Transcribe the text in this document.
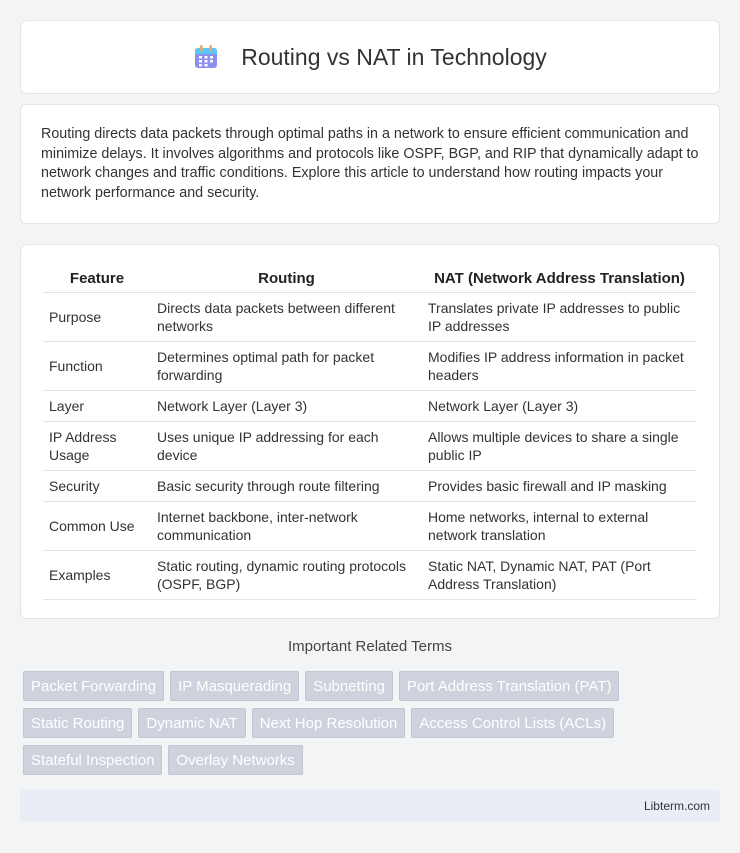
Routing vs NAT in Technology

Routing directs data packets through optimal paths in a network to ensure efficient communication and minimize delays. It involves algorithms and protocols like OSPF, BGP, and RIP that dynamically adapt to network changes and traffic conditions. Explore this article to understand how routing impacts your network performance and security.

Feature	Routing	NAT (Network Address Translation)
Purpose	Directs data packets between different networks	Translates private IP addresses to public IP addresses
Function	Determines optimal path for packet forwarding	Modifies IP address information in packet headers
Layer	Network Layer (Layer 3)	Network Layer (Layer 3)
IP Address Usage	Uses unique IP addressing for each device	Allows multiple devices to share a single public IP
Security	Basic security through route filtering	Provides basic firewall and IP masking
Common Use	Internet backbone, inter-network communication	Home networks, internal to external network translation
Examples	Static routing, dynamic routing protocols (OSPF, BGP)	Static NAT, Dynamic NAT, PAT (Port Address Translation)
Important Related Terms
Packet Forwarding	IP Masquerading	Subnetting	Port Address Translation (PAT)
Static Routing	Dynamic NAT	Next Hop Resolution	Access Control Lists (ACLs)
Stateful Inspection	Overlay Networks
Libterm.com
